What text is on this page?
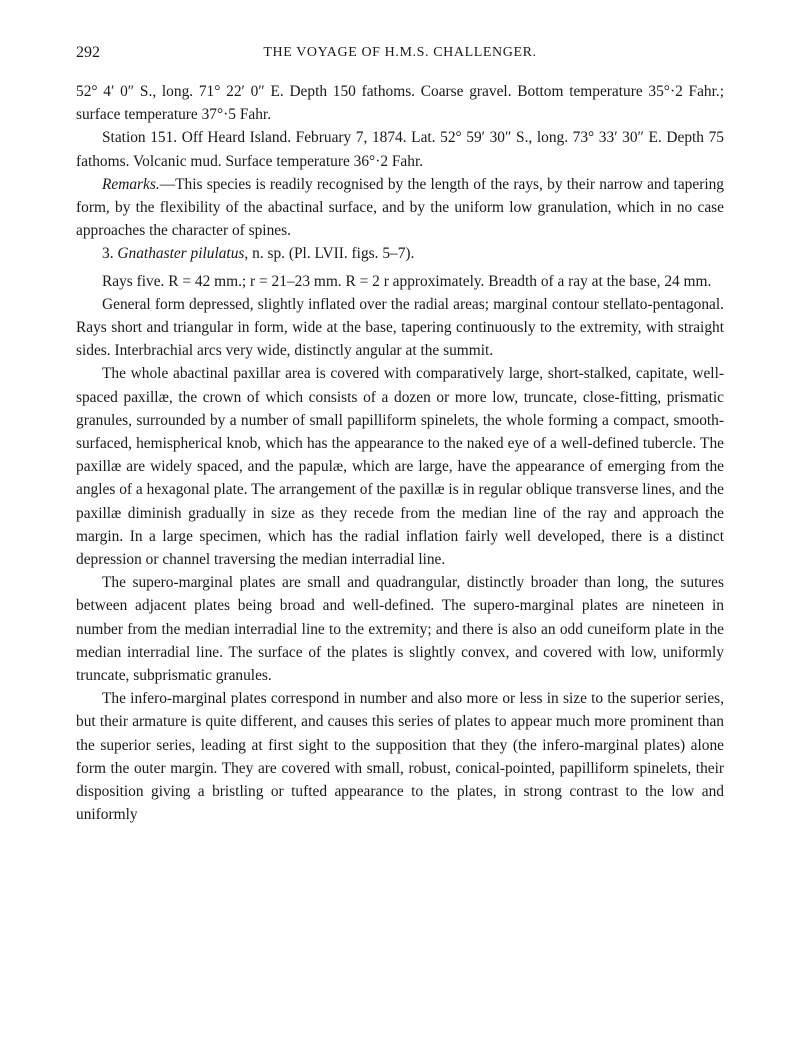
292	THE VOYAGE OF H.M.S. CHALLENGER.

52° 4′ 0″ S., long. 71° 22′ 0″ E. Depth 150 fathoms. Coarse gravel. Bottom temperature 35°·2 Fahr.; surface temperature 37°·5 Fahr.

Station 151. Off Heard Island. February 7, 1874. Lat. 52° 59′ 30″ S., long. 73° 33′ 30″ E. Depth 75 fathoms. Volcanic mud. Surface temperature 36°·2 Fahr.

Remarks.—This species is readily recognised by the length of the rays, by their narrow and tapering form, by the flexibility of the abactinal surface, and by the uniform low granulation, which in no case approaches the character of spines.

3. Gnathaster pilulatus, n. sp. (Pl. LVII. figs. 5–7).

Rays five. R = 42 mm.; r = 21–23 mm. R = 2 r approximately. Breadth of a ray at the base, 24 mm.

General form depressed, slightly inflated over the radial areas; marginal contour stellato-pentagonal. Rays short and triangular in form, wide at the base, tapering continuously to the extremity, with straight sides. Interbrachial arcs very wide, distinctly angular at the summit.

The whole abactinal paxillar area is covered with comparatively large, short-stalked, capitate, well-spaced paxillæ, the crown of which consists of a dozen or more low, truncate, close-fitting, prismatic granules, surrounded by a number of small papilliform spinelets, the whole forming a compact, smooth-surfaced, hemispherical knob, which has the appearance to the naked eye of a well-defined tubercle. The paxillæ are widely spaced, and the papulæ, which are large, have the appearance of emerging from the angles of a hexagonal plate. The arrangement of the paxillæ is in regular oblique transverse lines, and the paxillæ diminish gradually in size as they recede from the median line of the ray and approach the margin. In a large specimen, which has the radial inflation fairly well developed, there is a distinct depression or channel traversing the median interradial line.

The supero-marginal plates are small and quadrangular, distinctly broader than long, the sutures between adjacent plates being broad and well-defined. The supero-marginal plates are nineteen in number from the median interradial line to the extremity; and there is also an odd cuneiform plate in the median interradial line. The surface of the plates is slightly convex, and covered with low, uniformly truncate, subprismatic granules.

The infero-marginal plates correspond in number and also more or less in size to the superior series, but their armature is quite different, and causes this series of plates to appear much more prominent than the superior series, leading at first sight to the supposition that they (the infero-marginal plates) alone form the outer margin. They are covered with small, robust, conical-pointed, papilliform spinelets, their disposition giving a bristling or tufted appearance to the plates, in strong contrast to the low and uniformly
